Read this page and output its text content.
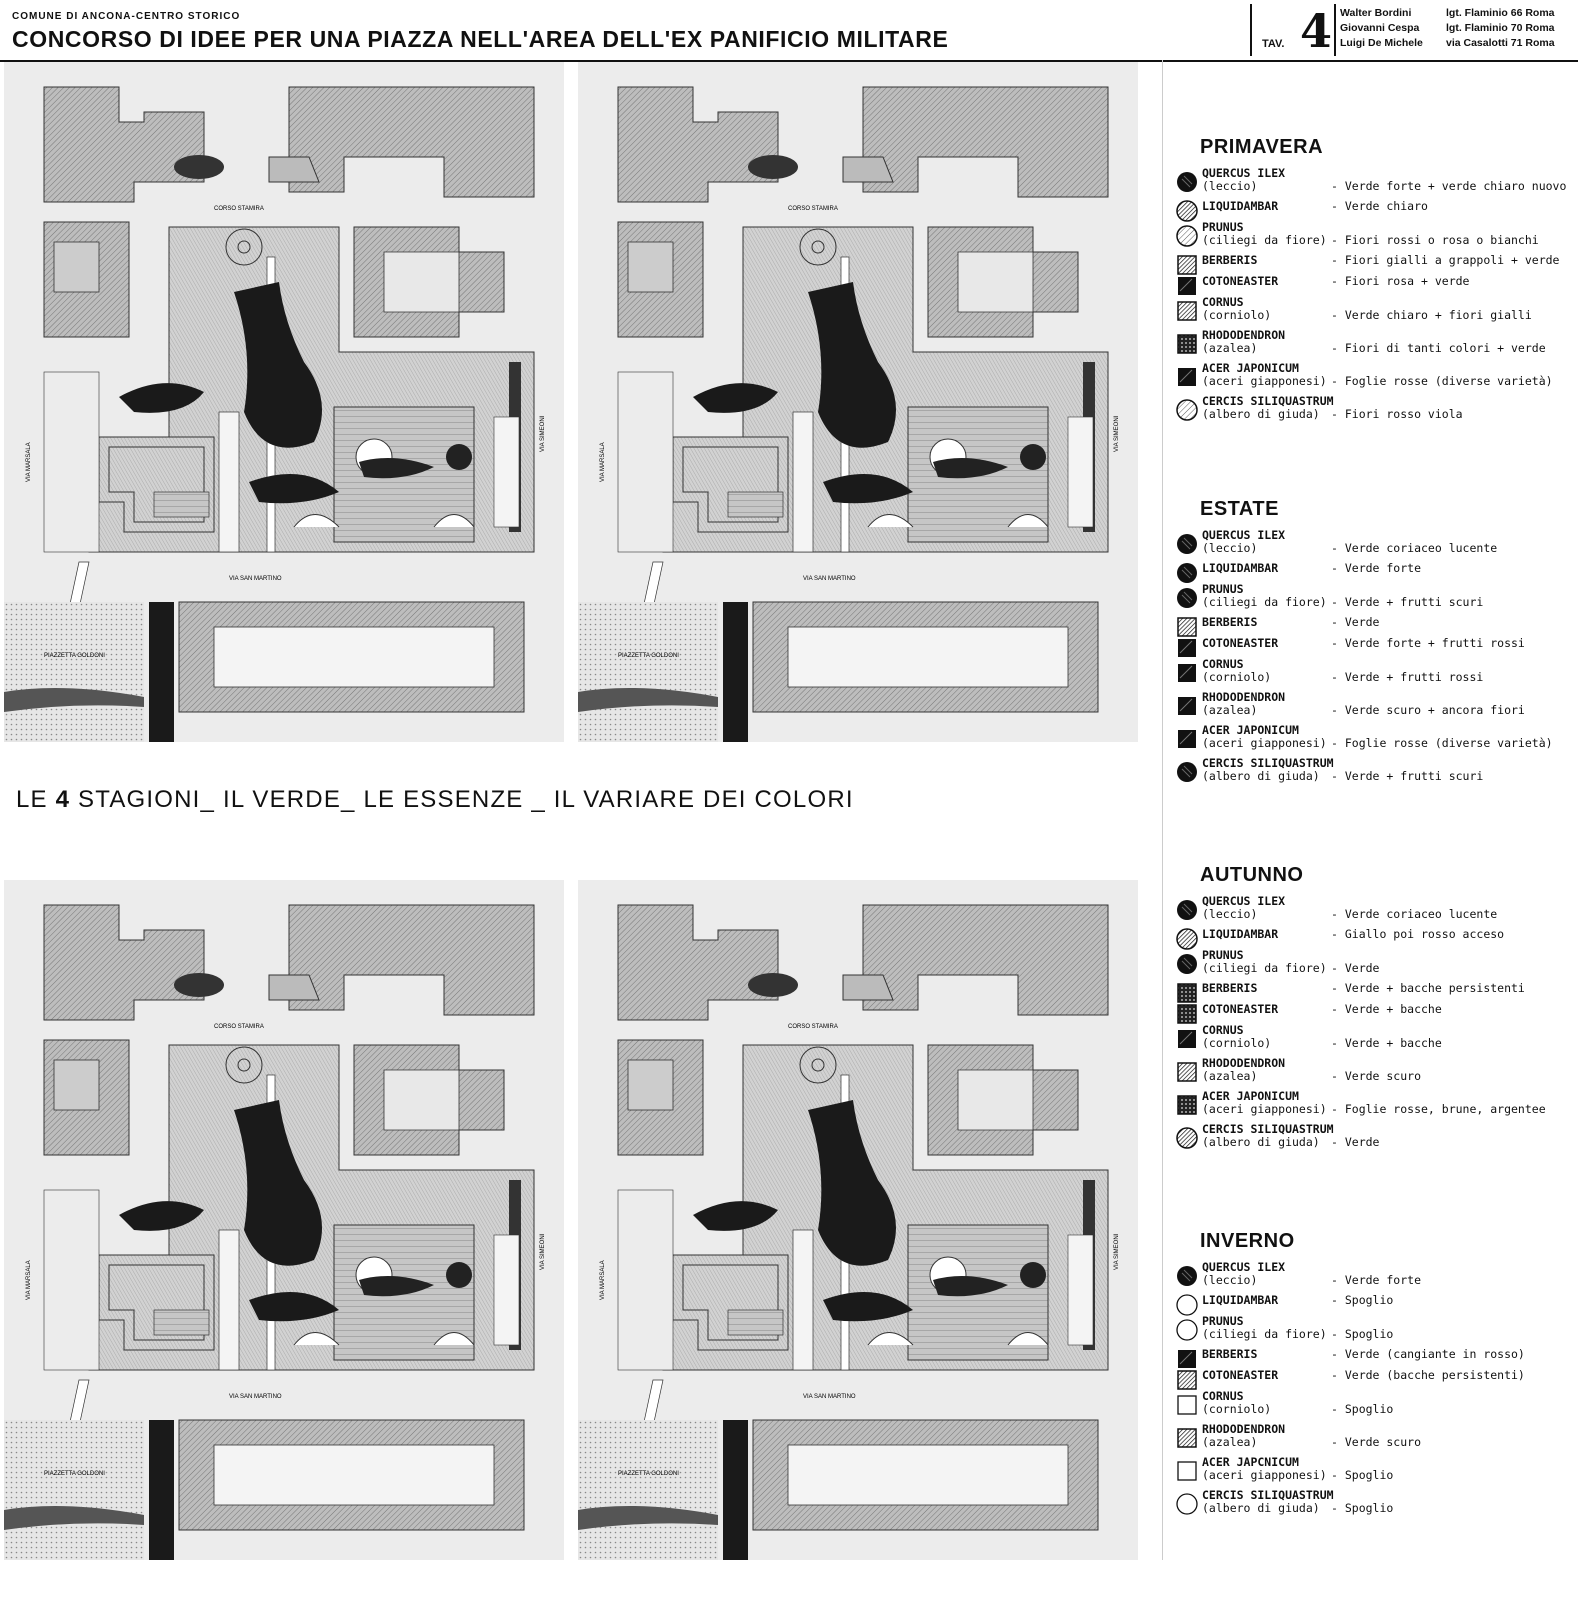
COMUNE DI ANCONA-CENTRO STORICO
CONCORSO DI IDEE PER UNA PIAZZA NELL'AREA DELL'EX PANIFICIO MILITARE	TAV. 4 Walter Bordini
Giovanni Cespa
Luigi De Michele
lgt. Flaminio 66 Roma
lgt. Flaminio 70 Roma
via Casalotti 71 Roma
CORSO STAMIRA
VIA SAN MARTINO
PIAZZETTA GOLDONI
VIA MARSALA
VIA SIMEONI
CORSO STAMIRA
VIA SAN MARTINO
PIAZZETTA GOLDONI
VIA MARSALA
VIA SIMEONI
CORSO STAMIRA
VIA SAN MARTINO
PIAZZETTA GOLDONI
VIA MARSALA
VIA SIMEONI
CORSO STAMIRA
VIA SAN MARTINO
PIAZZETTA GOLDONI
VIA MARSALA
VIA SIMEONI
LE 4 STAGIONI_ IL VERDE_ LE ESSENZE _ IL VARIARE DEI COLORI
PRIMAVERA
QUERCUS ILEX
(leccio)	- Verde forte + verde chiaro nuovo
LIQUIDAMBAR	- Verde chiaro
PRUNUS
(ciliegi da fiore) - Fiori rossi o rosa o bianchi
BERBERIS	- Fiori gialli a grappoli + verde
COTONEASTER	- Fiori rosa + verde
CORNUS
(corniolo)	- Verde chiaro + fiori gialli
RHODODENDRON
(azalea)	- Fiori di tanti colori + verde
ACER JAPONICUM
(aceri giapponesi) - Foglie rosse (diverse varietà)
CERCIS SILIQUASTRUM
(albero di giuda) - Fiori rosso viola
ESTATE
QUERCUS ILEX
(leccio)	- Verde coriaceo lucente
LIQUIDAMBAR	- Verde forte
PRUNUS
(ciliegi da fiore) - Verde + frutti scuri
BERBERIS	- Verde
COTONEASTER	- Verde forte + frutti rossi
CORNUS
(corniolo)	- Verde + frutti rossi
RHODODENDRON
(azalea)	- Verde scuro + ancora fiori
ACER JAPONICUM
(aceri giapponesi) - Foglie rosse (diverse varietà)
CERCIS SILIQUASTRUM
(albero di giuda) - Verde + frutti scuri
AUTUNNO
QUERCUS ILEX
(leccio)	- Verde coriaceo lucente
LIQUIDAMBAR	- Giallo poi rosso acceso
PRUNUS
(ciliegi da fiore) - Verde
BERBERIS	- Verde + bacche persistenti
COTONEASTER	- Verde + bacche
CORNUS
(corniolo)	- Verde + bacche
RHODODENDRON
(azalea)	- Verde scuro
ACER JAPONICUM
(aceri giapponesi) - Foglie rosse, brune, argentee
CERCIS SILIQUASTRUM
(albero di giuda) - Verde
INVERNO
QUERCUS ILEX
(leccio)	- Verde forte
LIQUIDAMBAR	- Spoglio
PRUNUS
(ciliegi da fiore) - Spoglio
BERBERIS	- Verde (cangiante in rosso)
COTONEASTER	- Verde (bacche persistenti)
CORNUS
(corniolo)	- Spoglio
RHODODENDRON
(azalea)	- Verde scuro
ACER JAPCNICUM
(aceri giapponesi) - Spoglio
CERCIS SILIQUASTRUM
(albero di giuda) - Spoglio
